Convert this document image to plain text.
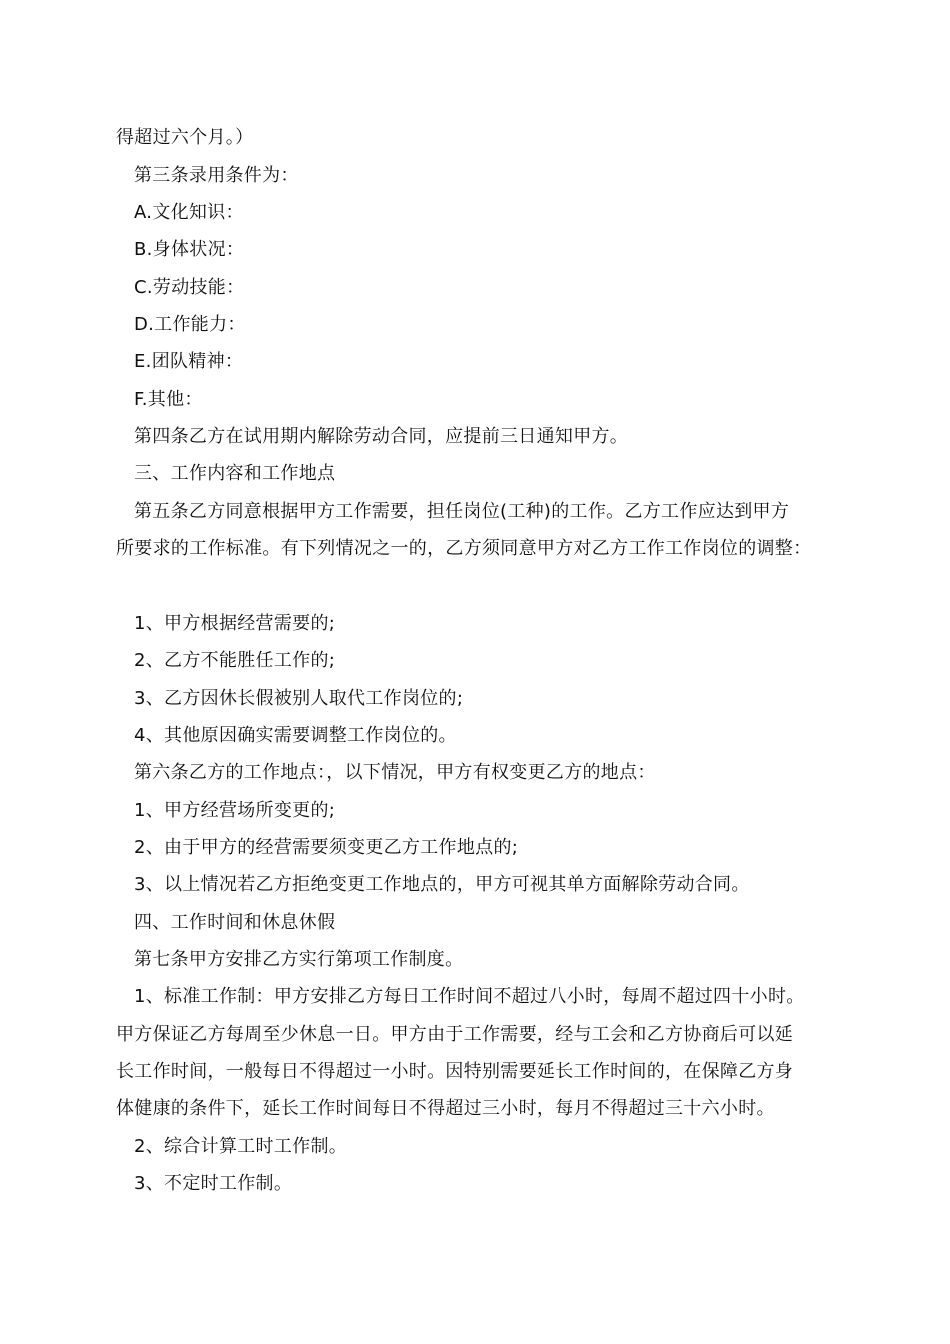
得超过六个月。）
第三条录用条件为：
A.文化知识：
B.身体状况：
C.劳动技能：
D.工作能力：
E.团队精神：
F.其他：
第四条乙方在试用期内解除劳动合同，应提前三日通知甲方。
三、工作内容和工作地点
第五条乙方同意根据甲方工作需要，担任岗位(工种)的工作。乙方工作应达到甲方
所要求的工作标准。有下列情况之一的，乙方须同意甲方对乙方工作工作岗位的调整：
1、甲方根据经营需要的;
2、乙方不能胜任工作的;
3、乙方因休长假被别人取代工作岗位的;
4、其他原因确实需要调整工作岗位的。
第六条乙方的工作地点：，以下情况，甲方有权变更乙方的地点：
1、甲方经营场所变更的;
2、由于甲方的经营需要须变更乙方工作地点的;
3、以上情况若乙方拒绝变更工作地点的，甲方可视其单方面解除劳动合同。
四、工作时间和休息休假
第七条甲方安排乙方实行第项工作制度。
1、标准工作制：甲方安排乙方每日工作时间不超过八小时，每周不超过四十小时。
甲方保证乙方每周至少休息一日。甲方由于工作需要，经与工会和乙方协商后可以延
长工作时间，一般每日不得超过一小时。因特别需要延长工作时间的，在保障乙方身
体健康的条件下，延长工作时间每日不得超过三小时，每月不得超过三十六小时。
2、综合计算工时工作制。
3、不定时工作制。
